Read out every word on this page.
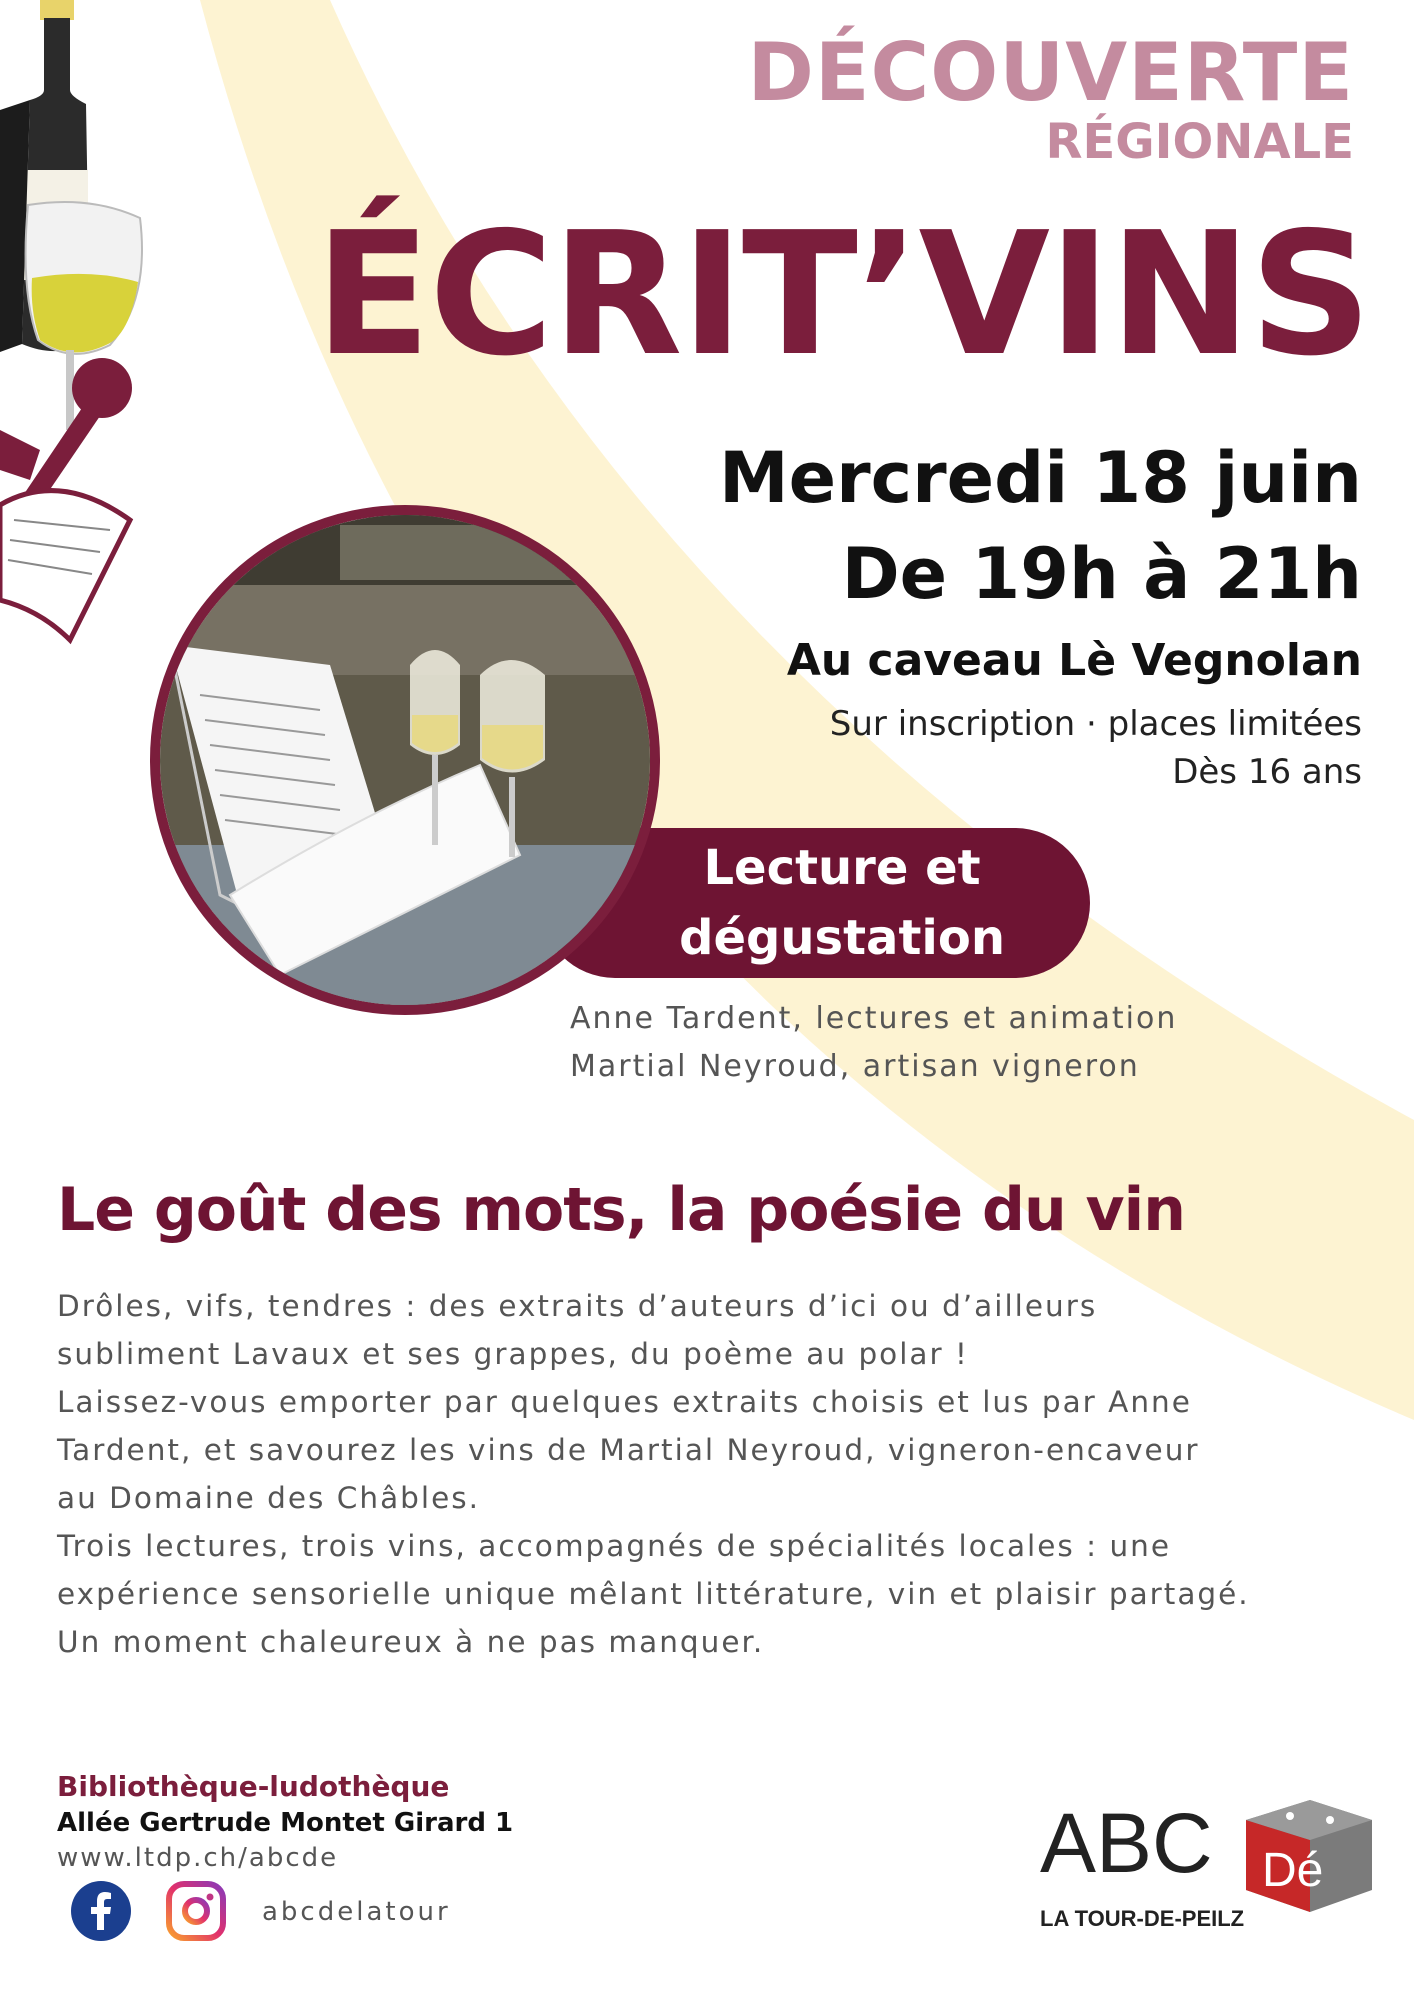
DÉCOUVERTE
RÉGIONALE
ÉCRIT’VINS
Mercredi 18 juin
De 19h à 21h
Au caveau Lè Vegnolan
Sur inscription · places limitées
Dès 16 ans
Lecture et
dégustation
Anne Tardent, lectures et animation
Martial Neyroud, artisan vigneron
Le goût des mots, la poésie du vin

Drôles, vifs, tendres : des extraits d’auteurs d’ici ou d’ailleurs

subliment Lavaux et ses grappes, du poème au polar !

Laissez-vous emporter par quelques extraits choisis et lus par Anne

Tardent, et savourez les vins de Martial Neyroud, vigneron-encaveur

au Domaine des Châbles.

Trois lectures, trois vins, accompagnés de spécialités locales : une

expérience sensorielle unique mêlant littérature, vin et plaisir partagé.

Un moment chaleureux à ne pas manquer.

Bibliothèque-ludothèque
Allée Gertrude Montet Girard 1
www.ltdp.ch/abcde
abcdelatour
ABC Dé
LA TOUR-DE-PEILZ
